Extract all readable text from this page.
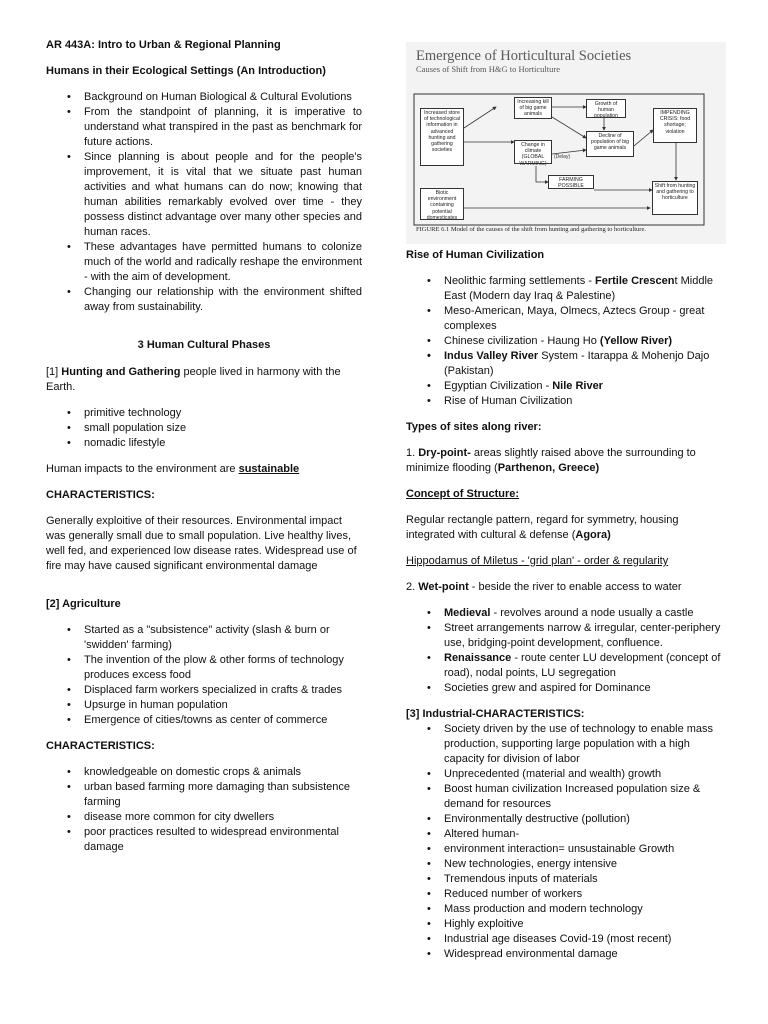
AR 443A: Intro to Urban & Regional Planning

Humans in their Ecological Settings (An Introduction)

• Background on Human Biological & Cultural Evolutions
• From the standpoint of planning, it is imperative to understand what transpired in the past as benchmark for future actions.
• Since planning is about people and for the people's improvement, it is vital that we situate past human activities and what humans can do now; knowing that human abilities remarkably evolved over time - they possess distinct advantage over many other species and human races.
• These advantages have permitted humans to colonize much of the world and radically reshape the environment - with the aim of development.
• Changing our relationship with the environment shifted away from sustainability.

3 Human Cultural Phases

[1] Hunting and Gathering people lived in harmony with the Earth.

• primitive technology
• small population size
• nomadic lifestyle

Human impacts to the environment are sustainable

CHARACTERISTICS:

Generally exploitive of their resources. Environmental impact was generally small due to small population. Live healthy lives, well fed, and experienced low disease rates. Widespread use of fire may have caused significant environmental damage

[2] Agriculture

• Started as a "subsistence" activity (slash & burn or 'swidden' farming)
• The invention of the plow & other forms of technology produces excess food
• Displaced farm workers specialized in crafts & trades
• Upsurge in human population
• Emergence of cities/towns as center of commerce

CHARACTERISTICS:

• knowledgeable on domestic crops & animals
• urban based farming more damaging than subsistence farming
• disease more common for city dwellers
• poor practices resulted to widespread environmental damage
Emergence of Horticultural Societies
Causes of Shift from H&G to Horticulture
Increased store of technological information in advanced hunting and gathering societies
Increasing kill of big game animals
Growth of human population
Change in climate (GLOBAL WARMING)
Decline of population of big game animals
IMPENDING CRISIS: food shortage; violation
FARMING POSSIBLE
Biotic environment containing potential domesticates
Shift from hunting and gathering to horticulture
(Delay)
FIGURE 6.1 Model of the causes of the shift from hunting and gathering to horticulture.

Rise of Human Civilization

• Neolithic farming settlements - Fertile Crescent Middle East (Modern day Iraq & Palestine)
• Meso-American, Maya, Olmecs, Aztecs Group - great complexes
• Chinese civilization - Haung Ho (Yellow River)
• Indus Valley River System - Itarappa & Mohenjo Dajo (Pakistan)
• Egyptian Civilization - Nile River
• Rise of Human Civilization

Types of sites along river:

1. Dry-point- areas slightly raised above the surrounding to minimize flooding (Parthenon, Greece)

Concept of Structure:

Regular rectangle pattern, regard for symmetry, housing integrated with cultural & defense (Agora)

Hippodamus of Miletus - 'grid plan' - order & regularity

2. Wet-point - beside the river to enable access to water

• Medieval - revolves around a node usually a castle
• Street arrangements narrow & irregular, center-periphery use, bridging-point development, confluence.
• Renaissance - route center LU development (concept of road), nodal points, LU segregation
• Societies grew and aspired for Dominance

[3] Industrial-CHARACTERISTICS:

• Society driven by the use of technology to enable mass production, supporting large population with a high capacity for division of labor
• Unprecedented (material and wealth) growth
• Boost human civilization Increased population size & demand for resources
• Environmentally destructive (pollution)
• Altered human-
• environment interaction= unsustainable Growth
• New technologies, energy intensive
• Tremendous inputs of materials
• Reduced number of workers
• Mass production and modern technology
• Highly exploitive
• Industrial age diseases Covid-19 (most recent)
• Widespread environmental damage
